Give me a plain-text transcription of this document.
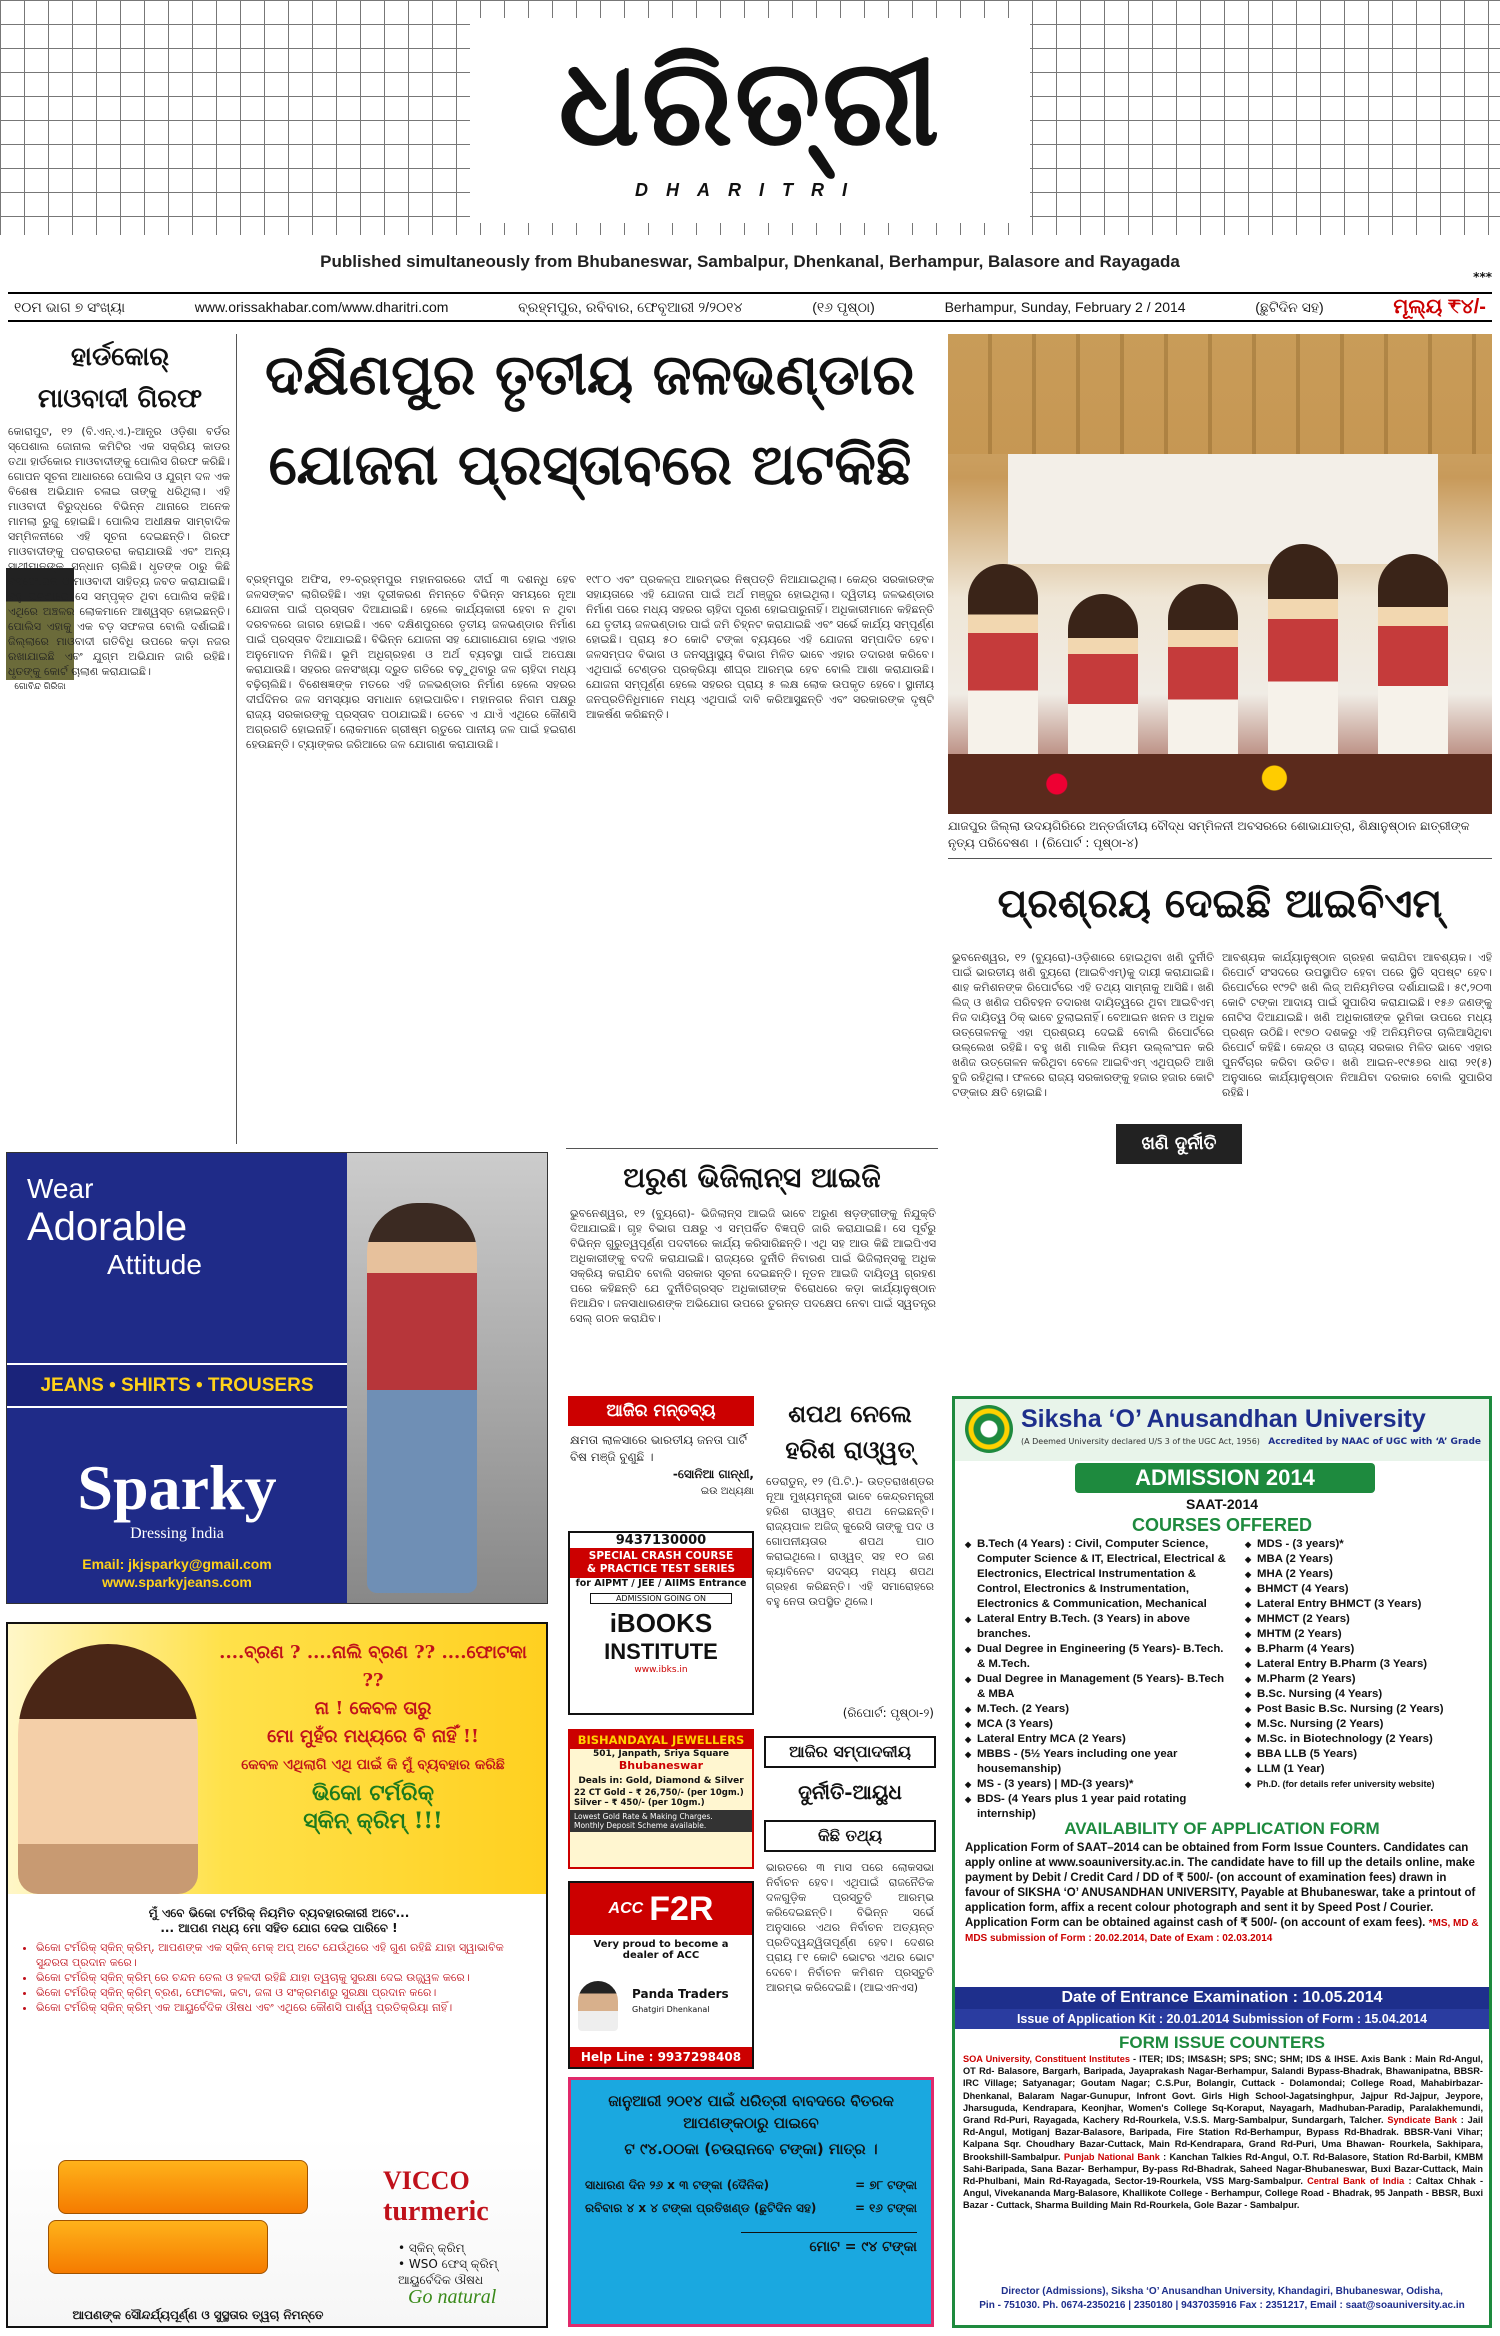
ଧରିତ୍ରୀ
DHARITRI
Published simultaneously from Bhubaneswar, Sambalpur, Dhenkanal, Berhampur, Balasore and Rayagada
***
୧୦ମ ଭାଗ ୭ ସଂଖ୍ୟା	www.orissakhabar.com/www.dharitri.com	ବ୍ରହ୍ମପୁର, ରବିବାର, ଫେବୃଆରୀ ୨/୨୦୧୪	(୧୬ ପୃଷ୍ଠା)	Berhampur, Sunday, February 2 / 2014	(ଛୁଟିଦିନ ସହ)	ମୂଲ୍ୟ ₹୪/-
ହାର୍ଡକୋର୍
ମାଓବାଦୀ ଗିରଫ
ଗୋବିନ୍ଦ ଗିରିଜା
କୋରାପୁଟ, ୧୨ (ବି.ଏନ୍.ଏ.)-ଆନ୍ଧ୍ର ଓଡ଼ିଶା ବର୍ଡର ସ୍ପେଶାଲ ଜୋନାଲ କମିଟିର ଏକ ସକ୍ରିୟ କାଡର ତଥା ହାର୍ଡକୋର ମାଓବାଦୀଙ୍କୁ ପୋଲିସ ଗିରଫ କରିଛି। ଗୋପନ ସୂଚନା ଆଧାରରେ ପୋଲିସ ଓ ଯୁଗ୍ମ ଦଳ ଏକ ବିଶେଷ ଅଭିଯାନ ଚଳାଇ ତାଙ୍କୁ ଧରିଥିଲା। ଏହି ମାଓବାଦୀ ବିରୁଦ୍ଧରେ ବିଭିନ୍ନ ଥାନାରେ ଅନେକ ମାମଲା ରୁଜୁ ହୋଇଛି। ପୋଲିସ ଅଧୀକ୍ଷକ ସାମ୍ବାଦିକ ସମ୍ମିଳନୀରେ ଏହି ସୂଚନା ଦେଇଛନ୍ତି। ଗିରଫ ମାଓବାଦୀଙ୍କୁ ପଚରାଉଚରା କରାଯାଉଛି ଏବଂ ଅନ୍ୟ ସାଥୀମାନଙ୍କ ସନ୍ଧାନ ଚାଲିଛି। ଧୃତଙ୍କ ଠାରୁ କିଛି ବିସ୍ଫୋରକ ଓ ମାଓବାଦୀ ସାହିତ୍ୟ ଜବତ କରାଯାଇଛି। ବହୁ ଘଟଣାରେ ସେ ସମ୍ପୃକ୍ତ ଥିବା ପୋଲିସ କହିଛି। ଏଥିରେ ଅଞ୍ଚଳର ଲୋକମାନେ ଆଶ୍ୱସ୍ତ ହୋଇଛନ୍ତି। ପୋଲିସ ଏହାକୁ ଏକ ବଡ଼ ସଫଳତା ବୋଲି ଦର୍ଶାଇଛି। ଜିଲ୍ଲାରେ ମାଓବାଦୀ ଗତିବିଧି ଉପରେ କଡ଼ା ନଜର ରଖାଯାଇଛି ଏବଂ ଯୁଗ୍ମ ଅଭିଯାନ ଜାରି ରହିଛି। ଧୃତଙ୍କୁ କୋର୍ଟ ଚାଲାଣ କରାଯାଇଛି।
ଦକ୍ଷିଣପୁର ତୃତୀୟ ଜଳଭଣ୍ଡାର
ଯୋଜନା ପ୍ରସ୍ତାବରେ ଅଟକିଛି
ବ୍ରହ୍ମପୁର ଅଫିସ, ୧୨-ବ୍ରହ୍ମପୁର ମହାନଗରରେ ଦୀର୍ଘ ୩ ଦଶନ୍ଧି ହେବ ଜଳସଙ୍କଟ ଲାଗିରହିଛି। ଏହା ଦୂରୀକରଣ ନିମନ୍ତେ ବିଭିନ୍ନ ସମୟରେ ନୂଆ ଯୋଜନା ପାଇଁ ପ୍ରସ୍ତାବ ଦିଆଯାଇଛି। ହେଲେ କାର୍ଯ୍ୟକାରୀ ହେବା ନ ଥିବା ଦରବଳରେ ଜାଗର ହୋଇଛି। ଏବେ ଦକ୍ଷିଣପୁରରେ ତୃତୀୟ ଜଳଭଣ୍ଡାର ନିର୍ମାଣ ପାଇଁ ପ୍ରସ୍ତାବ ଦିଆଯାଇଛି। ବିଭିନ୍ନ ଯୋଜନା ସହ ଯୋଗାଯୋଗ ହୋଇ ଏହାର ଅନୁମୋଦନ ମିଳିଛି। ଭୂମି ଅଧିଗ୍ରହଣ ଓ ଅର୍ଥ ବ୍ୟବସ୍ଥା ପାଇଁ ଅପେକ୍ଷା କରାଯାଉଛି। ସହରର ଜନସଂଖ୍ୟା ଦ୍ରୁତ ଗତିରେ ବଢ଼ୁଥିବାରୁ ଜଳ ଚାହିଦା ମଧ୍ୟ ବଢ଼ିଚାଲିଛି। ବିଶେଷଜ୍ଞଙ୍କ ମତରେ ଏହି ଜଳଭଣ୍ଡାର ନିର୍ମାଣ ହେଲେ ସହରର ଦୀର୍ଘଦିନର ଜଳ ସମସ୍ୟାର ସମାଧାନ ହୋଇପାରିବ। ମହାନଗର ନିଗମ ପକ୍ଷରୁ ରାଜ୍ୟ ସରକାରଙ୍କୁ ପ୍ରସ୍ତାବ ପଠାଯାଇଛି। ତେବେ ଏ ଯାଏଁ ଏଥିରେ କୌଣସି ଅଗ୍ରଗତି ହୋଇନାହିଁ। ଲୋକମାନେ ଗ୍ରୀଷ୍ମ ଋତୁରେ ପାନୀୟ ଜଳ ପାଇଁ ହଇରାଣ ହେଉଛନ୍ତି। ଟ୍ୟାଙ୍କର ଜରିଆରେ ଜଳ ଯୋଗାଣ କରାଯାଉଛି।
୧୯୮୦ ଏବଂ ପ୍ରକଳ୍ପ ଆରମ୍ଭର ନିଷ୍ପତ୍ତି ନିଆଯାଇଥିଲା। କେନ୍ଦ୍ର ସରକାରଙ୍କ ସହାୟତାରେ ଏହି ଯୋଜନା ପାଇଁ ଅର୍ଥ ମଞ୍ଜୁର ହୋଇଥିଲା। ଦ୍ୱିତୀୟ ଜଳଭଣ୍ଡାର ନିର୍ମାଣ ପରେ ମଧ୍ୟ ସହରର ଚାହିଦା ପୂରଣ ହୋଇପାରୁନାହିଁ। ଅଧିକାରୀମାନେ କହିଛନ୍ତି ଯେ ତୃତୀୟ ଜଳଭଣ୍ଡାର ପାଇଁ ଜମି ଚିହ୍ନଟ କରାଯାଇଛି ଏବଂ ସର୍ଭେ କାର୍ଯ୍ୟ ସମ୍ପୂର୍ଣ୍ଣ ହୋଇଛି। ପ୍ରାୟ ୫୦ କୋଟି ଟଙ୍କା ବ୍ୟୟରେ ଏହି ଯୋଜନା ସମ୍ପାଦିତ ହେବ। ଜଳସମ୍ପଦ ବିଭାଗ ଓ ଜନସ୍ୱାସ୍ଥ୍ୟ ବିଭାଗ ମିଳିତ ଭାବେ ଏହାର ତଦାରଖ କରିବେ। ଏଥିପାଇଁ ଟେଣ୍ଡର ପ୍ରକ୍ରିୟା ଶୀଘ୍ର ଆରମ୍ଭ ହେବ ବୋଲି ଆଶା କରାଯାଉଛି। ଯୋଜନା ସମ୍ପୂର୍ଣ୍ଣ ହେଲେ ସହରର ପ୍ରାୟ ୫ ଲକ୍ଷ ଲୋକ ଉପକୃତ ହେବେ। ସ୍ଥାନୀୟ ଜନପ୍ରତିନିଧିମାନେ ମଧ୍ୟ ଏଥିପାଇଁ ଦାବି କରିଆସୁଛନ୍ତି ଏବଂ ସରକାରଙ୍କ ଦୃଷ୍ଟି ଆକର୍ଷଣ କରିଛନ୍ତି।
ଯାଜପୁର ଜିଲ୍ଲା ଉଦୟଗିରିରେ ଅନ୍ତର୍ଜାତୀୟ ବୌଦ୍ଧ ସମ୍ମିଳନୀ ଅବସରରେ ଶୋଭାଯାତ୍ରା, ଶିକ୍ଷାନୁଷ୍ଠାନ ଛାତ୍ରୀଙ୍କ ନୃତ୍ୟ ପରିବେଷଣ । (ରିପୋର୍ଟ : ପୃଷ୍ଠା-୪)
ପ୍ରଶ୍ରୟ ଦେଇଛି ଆଇବିଏମ୍
ଭୁବନେଶ୍ୱର, ୧୨ (ବ୍ୟୁରୋ)-ଓଡ଼ିଶାରେ ହୋଇଥିବା ଖଣି ଦୁର୍ନୀତି ପାଇଁ ଭାରତୀୟ ଖଣି ବ୍ୟୁରୋ (ଆଇବିଏମ୍)କୁ ଦାୟୀ କରାଯାଇଛି। ଶାହ କମିଶନଙ୍କ ରିପୋର୍ଟରେ ଏହି ତଥ୍ୟ ସାମ୍ନାକୁ ଆସିଛି। ଖଣି ଲିଜ୍ ଓ ଖଣିଜ ପରିବହନ ତଦାରଖ ଦାୟିତ୍ୱରେ ଥିବା ଆଇବିଏମ୍ ନିଜ ଦାୟିତ୍ୱ ଠିକ୍ ଭାବେ ତୁଲାଇନାହିଁ। ବେଆଇନ ଖନନ ଓ ଅଧିକ ଉତ୍ତୋଳନକୁ ଏହା ପ୍ରଶ୍ରୟ ଦେଇଛି ବୋଲି ରିପୋର୍ଟରେ ଉଲ୍ଲେଖ ରହିଛି। ବହୁ ଖଣି ମାଲିକ ନିୟମ ଉଲ୍ଲଂଘନ କରି ଖଣିଜ ଉତ୍ତୋଳନ କରିଥିବା ବେଳେ ଆଇବିଏମ୍ ଏଥିପ୍ରତି ଆଖି ବୁଜି ରହିଥିଲା। ଫଳରେ ରାଜ୍ୟ ସରକାରଙ୍କୁ ହଜାର ହଜାର କୋଟି ଟଙ୍କାର କ୍ଷତି ହୋଇଛି।
ଖଣି ଦୁର୍ନୀତି
ଆବଶ୍ୟକ କାର୍ଯ୍ୟାନୁଷ୍ଠାନ ଗ୍ରହଣ କରାଯିବା ଆବଶ୍ୟକ। ଏହି ରିପୋର୍ଟ ସଂସଦରେ ଉପସ୍ଥାପିତ ହେବା ପରେ ସ୍ଥିତି ସ୍ପଷ୍ଟ ହେବ। ରିପୋର୍ଟରେ ୧୯୨ଟି ଖଣି ଲିଜ୍ ଅନିୟମିତତା ଦର୍ଶାଯାଇଛି। ୫୯,୨୦୩ କୋଟି ଟଙ୍କା ଆଦାୟ ପାଇଁ ସୁପାରିସ କରାଯାଇଛି। ୧୫୬ ଜଣଙ୍କୁ ନୋଟିସ ଦିଆଯାଇଛି। ଖଣି ଅଧିକାରୀଙ୍କ ଭୂମିକା ଉପରେ ମଧ୍ୟ ପ୍ରଶ୍ନ ଉଠିଛି। ୧୯୭୦ ଦଶକରୁ ଏହି ଅନିୟମିତତା ଚାଲିଆସିଥିବା ରିପୋର୍ଟ କହିଛି। କେନ୍ଦ୍ର ଓ ରାଜ୍ୟ ସରକାର ମିଳିତ ଭାବେ ଏହାର ପୁନର୍ବିଚାର କରିବା ଉଚିତ। ଖଣି ଆଇନ-୧୯୫୭ର ଧାରା ୨୧(୫) ଅନୁସାରେ କାର୍ଯ୍ୟାନୁଷ୍ଠାନ ନିଆଯିବା ଦରକାର ବୋଲି ସୁପାରିସ ରହିଛି।
ଅରୁଣ ଭିଜିଲାନ୍ସ ଆଇଜି
ଭୁବନେଶ୍ୱର, ୧୨ (ବ୍ୟୁରୋ)- ଭିଜିଲାନ୍ସ ଆଇଜି ଭାବେ ଅରୁଣ ଷଡ଼ଙ୍ଗୀଙ୍କୁ ନିଯୁକ୍ତି ଦିଆଯାଇଛି। ଗୃହ ବିଭାଗ ପକ୍ଷରୁ ଏ ସମ୍ପର୍କିତ ବିଜ୍ଞପ୍ତି ଜାରି କରାଯାଇଛି। ସେ ପୂର୍ବରୁ ବିଭିନ୍ନ ଗୁରୁତ୍ୱପୂର୍ଣ୍ଣ ପଦବୀରେ କାର୍ଯ୍ୟ କରିସାରିଛନ୍ତି। ଏଥି ସହ ଆଉ କିଛି ଆଇପିଏସ ଅଧିକାରୀଙ୍କୁ ବଦଳି କରାଯାଇଛି। ରାଜ୍ୟରେ ଦୁର୍ନୀତି ନିବାରଣ ପାଇଁ ଭିଜିଲାନ୍ସକୁ ଅଧିକ ସକ୍ରିୟ କରାଯିବ ବୋଲି ସରକାର ସୂଚନା ଦେଇଛନ୍ତି। ନୂତନ ଆଇଜି ଦାୟିତ୍ୱ ଗ୍ରହଣ ପରେ କହିଛନ୍ତି ଯେ ଦୁର୍ନୀତିଗ୍ରସ୍ତ ଅଧିକାରୀଙ୍କ ବିରୋଧରେ କଡ଼ା କାର୍ଯ୍ୟାନୁଷ୍ଠାନ ନିଆଯିବ। ଜନସାଧାରଣଙ୍କ ଅଭିଯୋଗ ଉପରେ ତୁରନ୍ତ ପଦକ୍ଷେପ ନେବା ପାଇଁ ସ୍ୱତନ୍ତ୍ର ସେଲ୍ ଗଠନ କରାଯିବ।
ଆଜିର ମନ୍ତବ୍ୟ
କ୍ଷମତା ଲାଳସାରେ ଭାରତୀୟ ଜନତା ପାର୍ଟି ବିଷ ମଞ୍ଜି ବୁଣୁଛି ।
-ସୋନିଆ ଗାନ୍ଧୀ,
ଇଉ ଅଧ୍ୟକ୍ଷା
ଶପଥ ନେଲେ
ହରିଶ ରାଓ୍ୱତ୍
ଡେରାଡୁନ୍, ୧୨ (ପି.ଟି.)- ଉତ୍ତରାଖଣ୍ଡର ନୂଆ ମୁଖ୍ୟମନ୍ତ୍ରୀ ଭାବେ କେନ୍ଦ୍ରମନ୍ତ୍ରୀ ହରିଶ ରାଓ୍ୱତ୍ ଶପଥ ନେଇଛନ୍ତି। ରାଜ୍ୟପାଳ ଅଜିଜ୍ କୁରେସି ତାଙ୍କୁ ପଦ ଓ ଗୋପନୀୟତାର ଶପଥ ପାଠ କରାଇଥିଲେ। ରାଓ୍ୱତ୍ ସହ ୧୦ ଜଣ କ୍ୟାବିନେଟ ସଦସ୍ୟ ମଧ୍ୟ ଶପଥ ଗ୍ରହଣ କରିଛନ୍ତି। ଏହି ସମାରୋହରେ ବହୁ ନେତା ଉପସ୍ଥିତ ଥିଲେ।
(ରିପୋର୍ଟ: ପୃଷ୍ଠା-୨)
ଆଜିର ସମ୍ପାଦକୀୟ
ଦୁର୍ନୀତି-ଆୟୁଧ
କିଛି ତଥ୍ୟ
ଭାରତରେ ୩ ମାସ ପରେ ଲୋକସଭା ନିର୍ବାଚନ ହେବ। ଏଥିପାଇଁ ରାଜନୈତିକ ଦଳଗୁଡ଼ିକ ପ୍ରସ୍ତୁତି ଆରମ୍ଭ କରିଦେଇଛନ୍ତି। ବିଭିନ୍ନ ସର୍ଭେ ଅନୁସାରେ ଏଥର ନିର୍ବାଚନ ଅତ୍ୟନ୍ତ ପ୍ରତିଦ୍ୱନ୍ଦ୍ୱିତାପୂର୍ଣ୍ଣ ହେବ। ଦେଶର ପ୍ରାୟ ୮୧ କୋଟି ଭୋଟର ଏଥର ଭୋଟ ଦେବେ। ନିର୍ବାଚନ କମିଶନ ପ୍ରସ୍ତୁତି ଆରମ୍ଭ କରିଦେଇଛି। (ଆଇଏନଏସ)
Wear
Adorable
Attitude
JEANS • SHIRTS • TROUSERS
Sparky
Dressing India
Email: jkjsparky@gmail.com
www.sparkyjeans.com
....ବ୍ରଣ ? ....ନାଲି ବ୍ରଣ ?? ....ଫୋଟକା ??
ନା ! କେବଳ ତାରୁ
ମୋ ମୁହଁର ମଧ୍ୟରେ ବି ନାହିଁ !!
କେବଳ ଏଥିଲାଗି ଏଥି ପାଇଁ କି ମୁଁ ବ୍ୟବହାର କରିଛି
ଭିକୋ ଟର୍ମରିକ୍
ସ୍କିନ୍ କ୍ରିମ୍ !!!
ମୁଁ ଏବେ ଭିକୋ ଟର୍ମରିକ୍ ନିୟମିତ ବ୍ୟବହାରକାରୀ ଅଟେ...
... ଆପଣ ମଧ୍ୟ ମୋ ସହିତ ଯୋଗ ଦେଇ ପାରିବେ !
• ଭିକୋ ଟର୍ମରିକ୍ ସ୍କିନ୍ କ୍ରିମ୍, ଆପଣଙ୍କ ଏକ ସ୍କିନ୍ ମେକ୍ ଅପ୍ ଅଟେ ଯେଉଁଥିରେ ଏହି ଗୁଣ ରହିଛି ଯାହା ସ୍ୱାଭାବିକ ସୁନ୍ଦରତା ପ୍ରଦାନ କରେ।
• ଭିକୋ ଟର୍ମରିକ୍ ସ୍କିନ୍ କ୍ରିମ୍ ରେ ଚନ୍ଦନ ତେଲ ଓ ହଳଦୀ ରହିଛି ଯାହା ତ୍ୱଚାକୁ ସୁରକ୍ଷା ଦେଇ ଉଜ୍ଜ୍ୱଳ କରେ।
• ଭିକୋ ଟର୍ମରିକ୍ ସ୍କିନ୍ କ୍ରିମ୍ ବ୍ରଣ, ଫୋଟକା, କଟା, ଜଳା ଓ ସଂକ୍ରମଣରୁ ସୁରକ୍ଷା ପ୍ରଦାନ କରେ।
• ଭିକୋ ଟର୍ମରିକ୍ ସ୍କିନ୍ କ୍ରିମ୍ ଏକ ଆୟୁର୍ବେଦିକ ଔଷଧ ଏବଂ ଏଥିରେ କୌଣସି ପାର୍ଶ୍ୱ ପ୍ରତିକ୍ରିୟା ନାହିଁ।
VICCO
turmeric
• ସ୍କିନ୍ କ୍ରିମ୍
• WSO ଫେସ୍ କ୍ରିମ୍
ଆୟୁର୍ବେଦିକ ଔଷଧ
Go natural
ଆପଣଙ୍କ ସୌନ୍ଦର୍ଯ୍ୟପୂର୍ଣ୍ଣ ଓ ସୁସ୍ଥତାର ତ୍ୱଚା ନିମନ୍ତେ
9437130000
SPECIAL CRASH COURSE
& PRACTICE TEST SERIES
for AIPMT / JEE / AIIMS Entrance
ADMISSION GOING ON
iBOOKS
INSTITUTE
www.ibks.in
BISHANDAYAL JEWELLERS
501, Janpath, Sriya Square
Bhubaneswar
Deals in: Gold, Diamond & Silver
22 CT Gold – ₹ 26,750/- (per 10gm.)
Silver – ₹ 450/- (per 10gm.)
Lowest Gold Rate & Making Charges.
Monthly Deposit Scheme available.
ACC F2R
Very proud to become a dealer of ACC
Panda Traders
Ghatgiri Dhenkanal
Help Line : 9937298408
ଜାନୁଆରୀ ୨୦୧୪ ପାଇଁ ଧରିତ୍ରୀ ବାବଦରେ ବିତରକ ଆପଣଙ୍କଠାରୁ ପାଇବେ
ଟ ୯୪.୦୦କା (ଚଉରାନବେ ଟଙ୍କା) ମାତ୍ର ।
ସାଧାରଣ ଦିନ ୨୬ x ୩ ଟଙ୍କା (ଦୈନିକ)	= ୭୮ ଟଙ୍କା
ରବିବାର ୪ x ୪ ଟଙ୍କା ପ୍ରତିଖଣ୍ଡ (ଛୁଟିଦିନ ସହ)	= ୧୬ ଟଙ୍କା
ମୋଟ = ୯୪ ଟଙ୍କା
Siksha ‘O’ Anusandhan University
(A Deemed University declared U/S 3 of the UGC Act, 1956) Accredited by NAAC of UGC with ‘A’ Grade
ADMISSION 2014
SAAT-2014
COURSES OFFERED
◆ B.Tech (4 Years) : Civil, Computer Science, Computer Science & IT, Electrical, Electrical & Electronics, Electrical Instrumentation & Control, Electronics & Instrumentation, Electronics & Communication, Mechanical
◆ Lateral Entry B.Tech. (3 Years) in above branches.
◆ Dual Degree in Engineering (5 Years)- B.Tech. & M.Tech.
◆ Dual Degree in Management (5 Years)- B.Tech & MBA
◆ M.Tech. (2 Years)
◆ MCA (3 Years)
◆ Lateral Entry MCA (2 Years)
◆ MBBS - (5½ Years including one year housemanship)
◆ MS - (3 years) | MD-(3 years)*
◆ BDS- (4 Years plus 1 year paid rotating internship)
◆ MDS - (3 years)*
◆ MBA (2 Years)
◆ MHA (2 Years)
◆ BHMCT (4 Years)
◆ Lateral Entry BHMCT (3 Years)
◆ MHMCT (2 Years)
◆ MHTM (2 Years)
◆ B.Pharm (4 Years)
◆ Lateral Entry B.Pharm (3 Years)
◆ M.Pharm (2 Years)
◆ B.Sc. Nursing (4 Years)
◆ Post Basic B.Sc. Nursing (2 Years)
◆ M.Sc. Nursing (2 Years)
◆ M.Sc. in Biotechnology (2 Years)
◆ BBA LLB (5 Years)
◆ LLM (1 Year)
◆ Ph.D. (for details refer university website)
AVAILABILITY OF APPLICATION FORM
Application Form of SAAT–2014 can be obtained from Form Issue Counters. Candidates can apply online at www.soauniversity.ac.in. The candidate have to fill up the details online, make payment by Debit / Credit Card / DD of ₹ 500/- (on account of examination fees) drawn in favour of SIKSHA ‘O’ ANUSANDHAN UNIVERSITY, Payable at Bhubaneswar, take a printout of application form, affix a recent colour photograph and sent it by Speed Post / Courier. Application Form can be obtained against cash of ₹ 500/- (on account of exam fees). *MS, MD & MDS submission of Form : 20.02.2014, Date of Exam : 02.03.2014
Date of Entrance Examination : 10.05.2014
Issue of Application Kit : 20.01.2014 Submission of Form : 15.04.2014
FORM ISSUE COUNTERS
SOA University, Constituent Institutes - ITER; IDS; IMS&SH; SPS; SNC; SHM; IDS & IHSE. Axis Bank : Main Rd-Angul, OT Rd- Balasore, Bargarh, Baripada, Jayaprakash Nagar-Berhampur, Salandi Bypass-Bhadrak, Bhawanipatna, BBSR-IRC Village; Satyanagar; Goutam Nagar; C.S.Pur, Bolangir, Cuttack - Dolamondai; College Road, Mahabirbazar-Dhenkanal, Balaram Nagar-Gunupur, Infront Govt. Girls High School-Jagatsinghpur, Jajpur Rd-Jajpur, Jeypore, Jharsuguda, Kendrapara, Keonjhar, Women's College Sq-Koraput, Nayagarh, Madhuban-Paradip, Paralakhemundi, Grand Rd-Puri, Rayagada, Kachery Rd-Rourkela, V.S.S. Marg-Sambalpur, Sundargarh, Talcher. Syndicate Bank : Jail Rd-Angul, Motiganj Bazar-Balasore, Baripada, Fire Station Rd-Berhampur, Bypass Rd-Bhadrak. BBSR-Vani Vihar; Kalpana Sqr. Choudhary Bazar-Cuttack, Main Rd-Kendrapara, Grand Rd-Puri, Uma Bhawan- Rourkela, Sakhipara, Brookshill-Sambalpur. Punjab National Bank : Kanchan Talkies Rd-Angul, O.T. Rd-Balasore, Station Rd-Barbil, KMBM Sahi-Baripada, Sana Bazar- Berhampur, By-pass Rd-Bhadrak, Saheed Nagar-Bhubaneswar, Buxi Bazar-Cuttack, Main Rd-Phulbani, Main Rd-Rayagada, Sector-19-Rourkela, VSS Marg-Sambalpur. Central Bank of India : Caltax Chhak - Angul, Vivekananda Marg-Balasore, Khallikote College - Berhampur, College Road - Bhadrak, 95 Janpath - BBSR, Buxi Bazar - Cuttack, Sharma Building Main Rd-Rourkela, Gole Bazar - Sambalpur.
Director (Admissions), Siksha ‘O’ Anusandhan University, Khandagiri, Bhubaneswar, Odisha,
Pin - 751030. Ph. 0674-2350216 | 2350180 | 9437035916 Fax : 2351217, Email : saat@soauniversity.ac.in
